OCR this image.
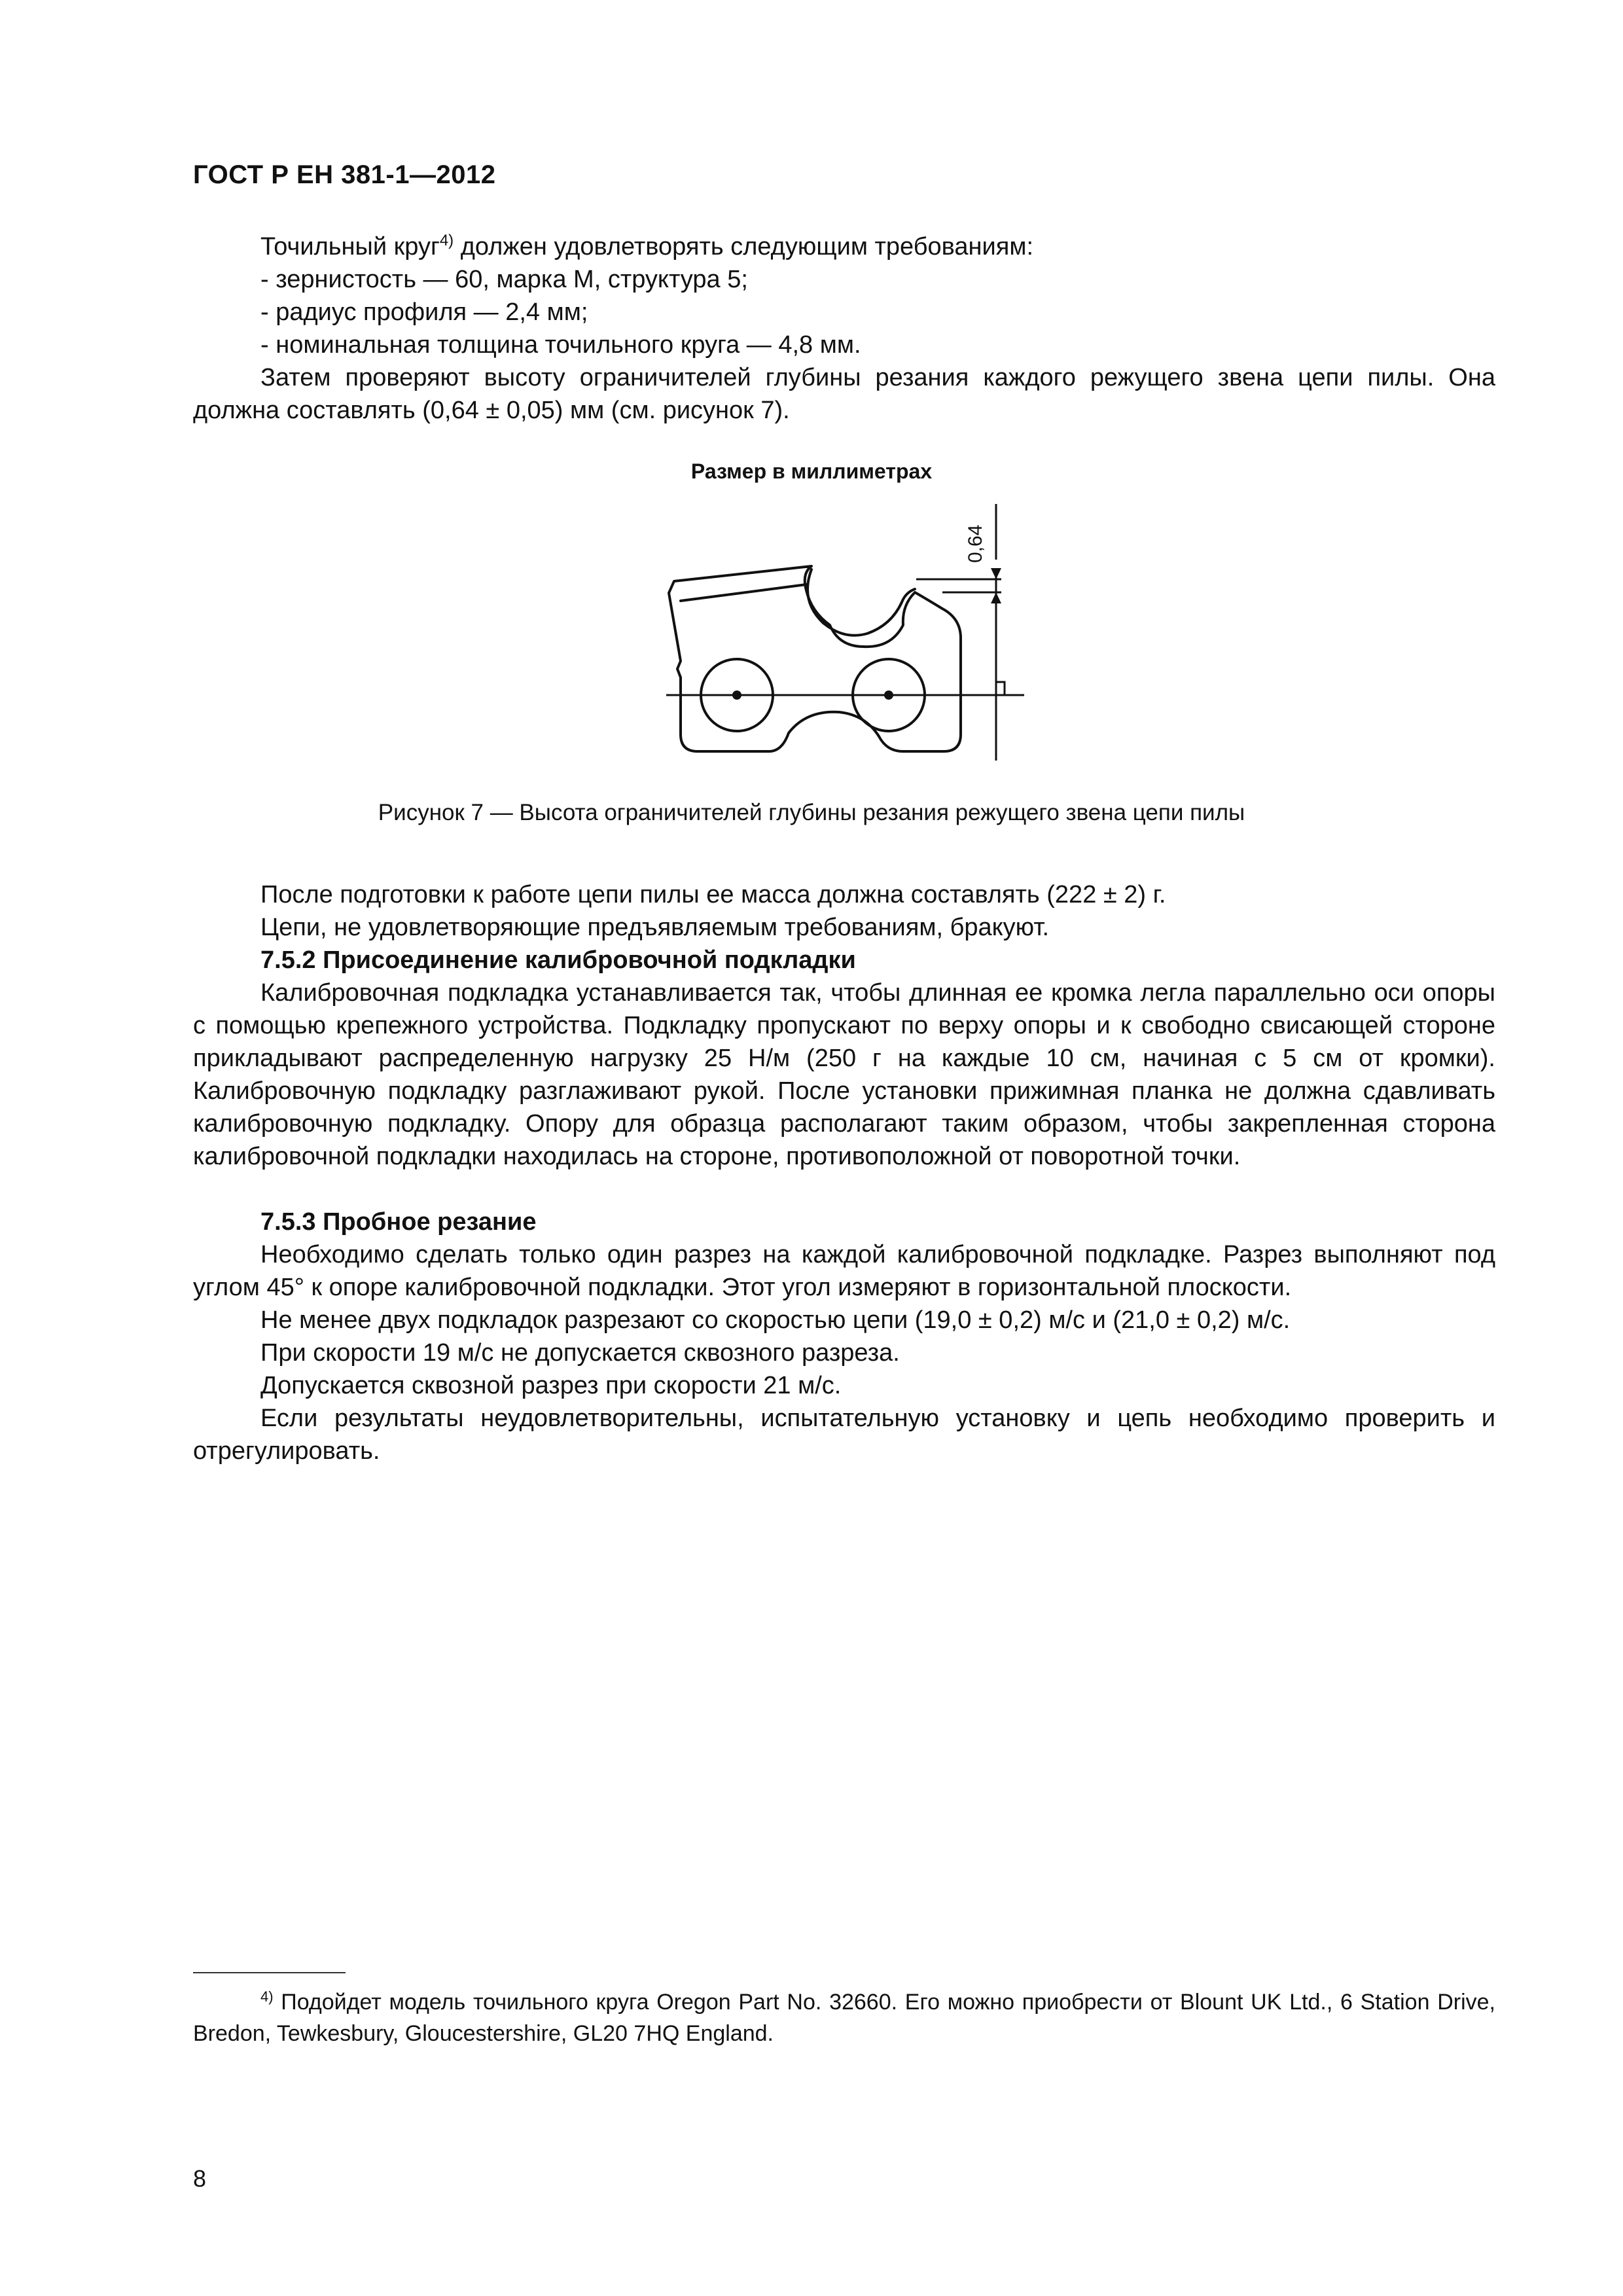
ГОСТ Р ЕН 381-1—2012

Точильный круг$^{4)}$ должен удовлетворять следующим требованиям:

- зернистость — 60, марка М, структура 5;

- радиус профиля — 2,4 мм;

- номинальная толщина точильного круга — 4,8 мм.

Затем проверяют высоту ограничителей глубины резания каждого режущего звена цепи пилы. Она должна составлять (0,64 ± 0,05) мм (см. рисунок 7).

Размер в миллиметрах
0,64
Рисунок 7 — Высота ограничителей глубины резания режущего звена цепи пилы

После подготовки к работе цепи пилы ее масса должна составлять (222 ± 2) г.

Цепи, не удовлетворяющие предъявляемым требованиям, бракуют.

7.5.2 Присоединение калибровочной подкладки

Калибровочная подкладка устанавливается так, чтобы длинная ее кромка легла параллельно оси опоры с помощью крепежного устройства. Подкладку пропускают по верху опоры и к свободно свисающей стороне прикладывают распределенную нагрузку 25 Н/м (250 г на каждые 10 см, начиная с 5 см от кромки). Калибровочную подкладку разглаживают рукой. После установки прижимная планка не должна сдавливать калибровочную подкладку. Опору для образца располагают таким образом, чтобы закрепленная сторона калибровочной подкладки находилась на стороне, противоположной от поворотной точки.

7.5.3 Пробное резание

Необходимо сделать только один разрез на каждой калибровочной подкладке. Разрез выполняют под углом 45° к опоре калибровочной подкладки. Этот угол измеряют в горизонтальной плоскости.

Не менее двух подкладок разрезают со скоростью цепи (19,0 ± 0,2) м/с и (21,0 ± 0,2) м/с.

При скорости 19 м/с не допускается сквозного разреза.

Допускается сквозной разрез при скорости 21 м/с.

Если результаты неудовлетворительны, испытательную установку и цепь необходимо проверить и отрегулировать.

$^{4)}$ Подойдет модель точильного круга Oregon Part No. 32660. Его можно приобрести от Blount UK Ltd., 6 Station Drive, Bredon, Tewkesbury, Gloucestershire, GL20 7HQ England.

8
